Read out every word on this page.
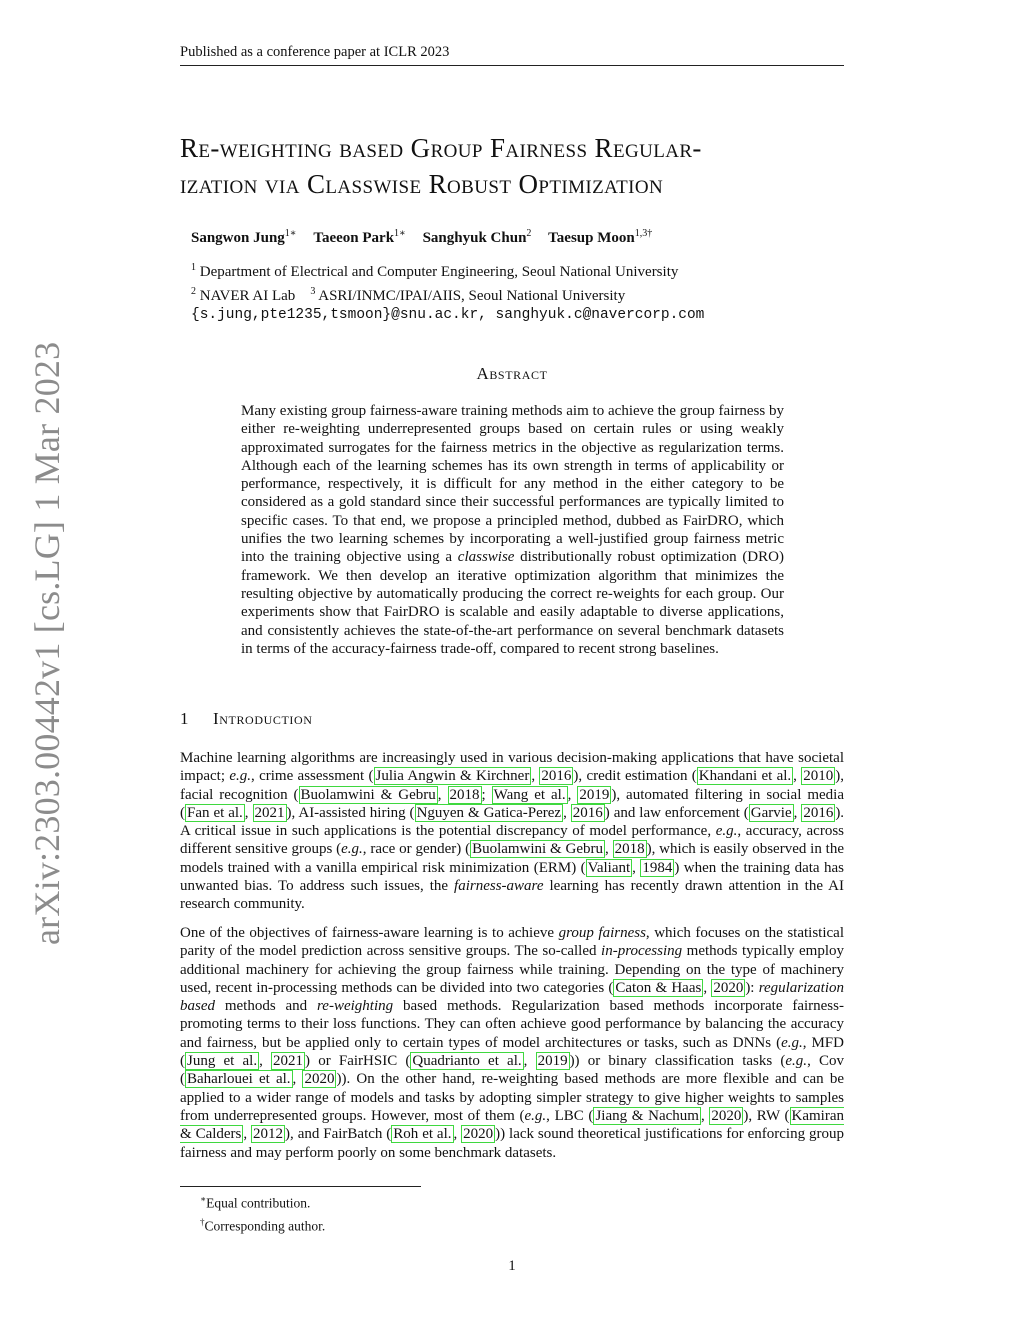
Published as a conference paper at ICLR 2023
arXiv:2303.00442v1 [cs.LG] 1 Mar 2023
Re-weighting based Group Fairness Regular-
ization via Classwise Robust Optimization
Sangwon Jung$^{1∗}$ Taeeon Park$^{1∗}$ Sanghyuk Chun$^2$ Taesup Moon$^{1,3\dagger}$
$^1$ Department of Electrical and Computer Engineering, Seoul National University
$^2$ NAVER AI Lab $^3$ ASRI/INMC/IPAI/AIIS, Seoul National University
{s.jung,pte1235,tsmoon}@snu.ac.kr, sanghyuk.c@navercorp.com
Abstract
Many existing group fairness-aware training methods aim to achieve the group fairness by either re-weighting underrepresented groups based on certain rules or using weakly approximated surrogates for the fairness metrics in the objective as regularization terms. Although each of the learning schemes has its own strength in terms of applicability or performance, respectively, it is difficult for any method in the either category to be considered as a gold standard since their successful performances are typically limited to specific cases. To that end, we propose a principled method, dubbed as FairDRO, which unifies the two learning schemes by incorporating a well-justified group fairness metric into the training objective using a classwise distributionally robust optimization (DRO) framework. We then develop an iterative optimization algorithm that minimizes the resulting objective by automatically producing the correct re-weights for each group. Our experiments show that FairDRO is scalable and easily adaptable to diverse applications, and consistently achieves the state-of-the-art performance on several benchmark datasets in terms of the accuracy-fairness trade-off, compared to recent strong baselines.
1 Introduction
Machine learning algorithms are increasingly used in various decision-making applications that have societal impact; e.g., crime assessment ( Julia Angwin & Kirchner , 2016 ), credit estimation ( Khandani et al. , 2010 ), facial recognition ( Buolamwini & Gebru , 2018 ; Wang et al. , 2019 ), automated filtering in social media ( Fan et al. , 2021 ), AI-assisted hiring ( Nguyen & Gatica-Perez , 2016 ) and law enforcement ( Garvie , 2016 ). A critical issue in such applications is the potential discrepancy of model performance, e.g., accuracy, across different sensitive groups (e.g., race or gender) ( Buolamwini & Gebru , 2018 ), which is easily observed in the models trained with a vanilla empirical risk minimization (ERM) ( Valiant , 1984 ) when the training data has unwanted bias. To address such issues, the fairness-aware learning has recently drawn attention in the AI research community.
One of the objectives of fairness-aware learning is to achieve group fairness, which focuses on the statistical parity of the model prediction across sensitive groups. The so-called in-processing methods typically employ additional machinery for achieving the group fairness while training. Depending on the type of machinery used, recent in-processing methods can be divided into two categories ( Caton & Haas , 2020 ): regularization based methods and re-weighting based methods. Regularization based methods incorporate fairness-promoting terms to their loss functions. They can often achieve good performance by balancing the accuracy and fairness, but be applied only to certain types of model architectures or tasks, such as DNNs (e.g., MFD ( Jung et al. , 2021 ) or FairHSIC ( Quadrianto et al. , 2019 )) or binary classification tasks (e.g., Cov ( Baharlouei et al. , 2020 )). On the other hand, re-weighting based methods are more flexible and can be applied to a wider range of models and tasks by adopting simpler strategy to give higher weights to samples from underrepresented groups. However, most of them (e.g., LBC ( Jiang & Nachum , 2020 ), RW ( Kamiran & Calders , 2012 ), and FairBatch ( Roh et al. , 2020 )) lack sound theoretical justifications for enforcing group fairness and may perform poorly on some benchmark datasets.
∗Equal contribution.
†Corresponding author.
1
